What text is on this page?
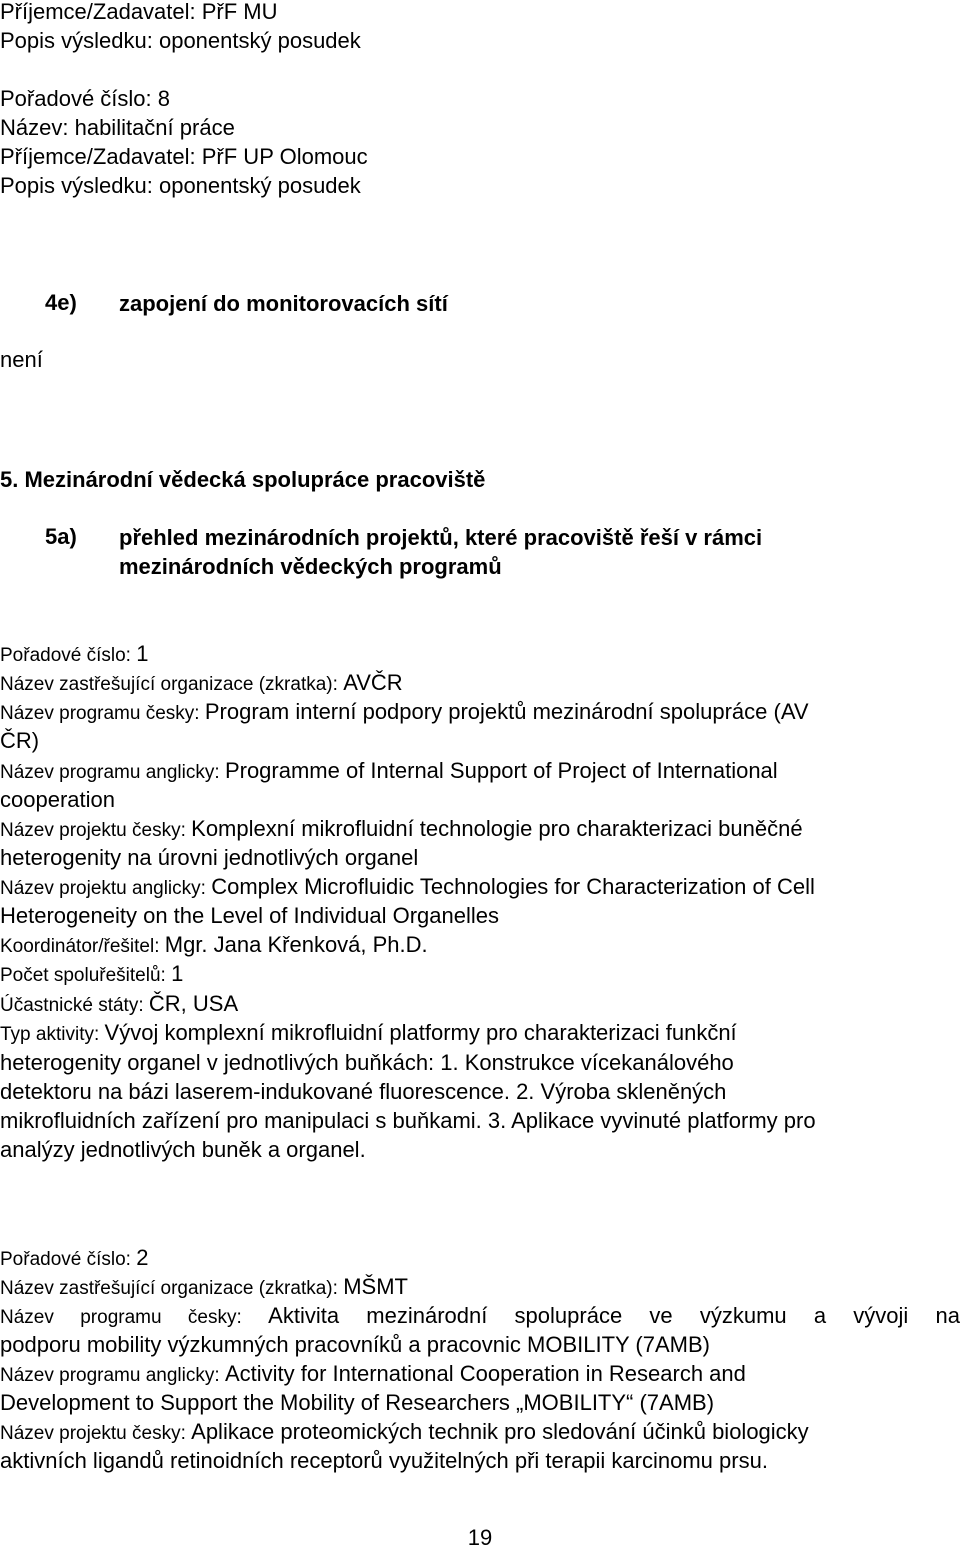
Příjemce/Zadavatel: PřF MU
Popis výsledku: oponentský posudek
Pořadové číslo: 8
Název: habilitační práce
Příjemce/Zadavatel: PřF UP Olomouc
Popis výsledku: oponentský posudek
4e) zapojení do monitorovacích sítí
není
5. Mezinárodní vědecká spolupráce pracoviště
5a) přehled mezinárodních projektů, které pracoviště řeší v rámci
mezinárodních vědeckých programů
Pořadové číslo: 1
Název zastřešující organizace (zkratka): AVČR
Název programu česky: Program interní podpory projektů mezinárodní spolupráce (AV
ČR)
Název programu anglicky: Programme of Internal Support of Project of International
cooperation
Název projektu česky: Komplexní mikrofluidní technologie pro charakterizaci buněčné
heterogenity na úrovni jednotlivých organel
Název projektu anglicky: Complex Microfluidic Technologies for Characterization of Cell
Heterogeneity on the Level of Individual Organelles
Koordinátor/řešitel: Mgr. Jana Křenková, Ph.D.
Počet spoluřešitelů: 1
Účastnické státy: ČR, USA
Typ aktivity: Vývoj komplexní mikrofluidní platformy pro charakterizaci funkční
heterogenity organel v jednotlivých buňkách: 1. Konstrukce vícekanálového
detektoru na bázi laserem-indukované fluorescence. 2. Výroba skleněných
mikrofluidních zařízení pro manipulaci s buňkami. 3. Aplikace vyvinuté platformy pro
analýzy jednotlivých buněk a organel.
Pořadové číslo: 2
Název zastřešující organizace (zkratka): MŠMT
Název programu česky: Aktivita mezinárodní spolupráce ve výzkumu a vývoji na
podporu mobility výzkumných pracovníků a pracovnic MOBILITY (7AMB)
Název programu anglicky: Activity for International Cooperation in Research and
Development to Support the Mobility of Researchers „MOBILITY“ (7AMB)
Název projektu česky: Aplikace proteomických technik pro sledování účinků biologicky
aktivních ligandů retinoidních receptorů využitelných při terapii karcinomu prsu.
19
